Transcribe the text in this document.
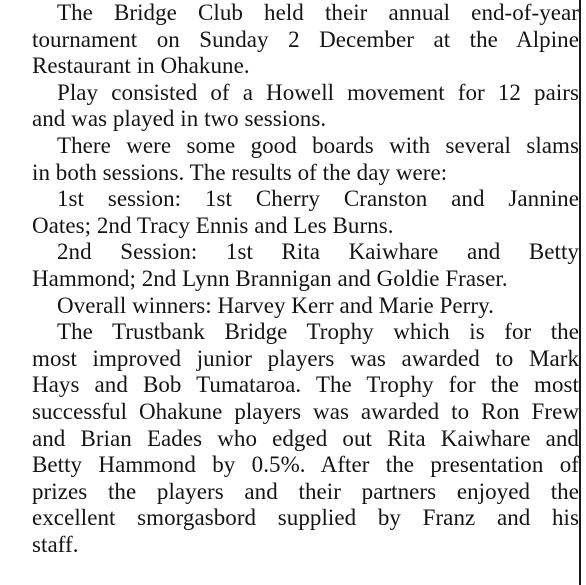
The Bridge Club held their annual end-of-year
tournament on Sunday 2 December at the Alpine
Restaurant in Ohakune.
Play consisted of a Howell movement for 12 pairs
and was played in two sessions.
There were some good boards with several slams
in both sessions. The results of the day were:
1st session: 1st Cherry Cranston and Jannine
Oates; 2nd Tracy Ennis and Les Burns.
2nd Session: 1st Rita Kaiwhare and Betty
Hammond; 2nd Lynn Brannigan and Goldie Fraser.
Overall winners: Harvey Kerr and Marie Perry.
The Trustbank Bridge Trophy which is for the
most improved junior players was awarded to Mark
Hays and Bob Tumataroa. The Trophy for the most
successful Ohakune players was awarded to Ron Frew
and Brian Eades who edged out Rita Kaiwhare and
Betty Hammond by 0.5%. After the presentation of
prizes the players and their partners enjoyed the
excellent smorgasbord supplied by Franz and his
staff.
